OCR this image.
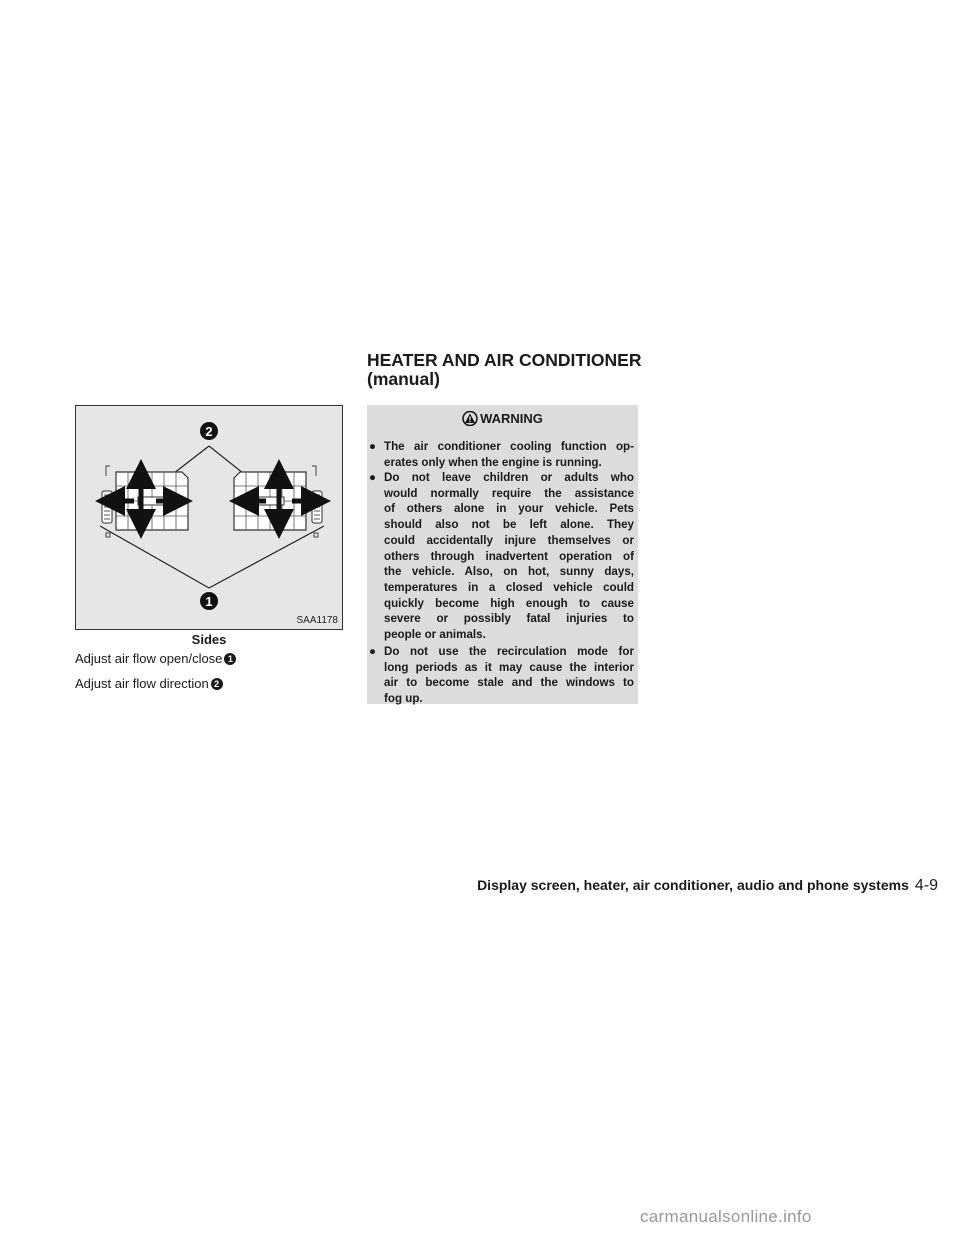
HEATER AND AIR CONDITIONER
(manual)
2
1
SAA1178
Sides
Adjust air flow open/close 1
Adjust air flow direction 2
WARNING
● The air conditioner cooling function op-
erates only when the engine is running.
● Do not leave children or adults who
would normally require the assistance
of others alone in your vehicle. Pets
should also not be left alone. They
could accidentally injure themselves or
others through inadvertent operation of
the vehicle. Also, on hot, sunny days,
temperatures in a closed vehicle could
quickly become high enough to cause
severe or possibly fatal injuries to
people or animals.
● Do not use the recirculation mode for
long periods as it may cause the interior
air to become stale and the windows to
fog up.
Display screen, heater, air conditioner, audio and phone systems 4-9
carmanualsonline.info
